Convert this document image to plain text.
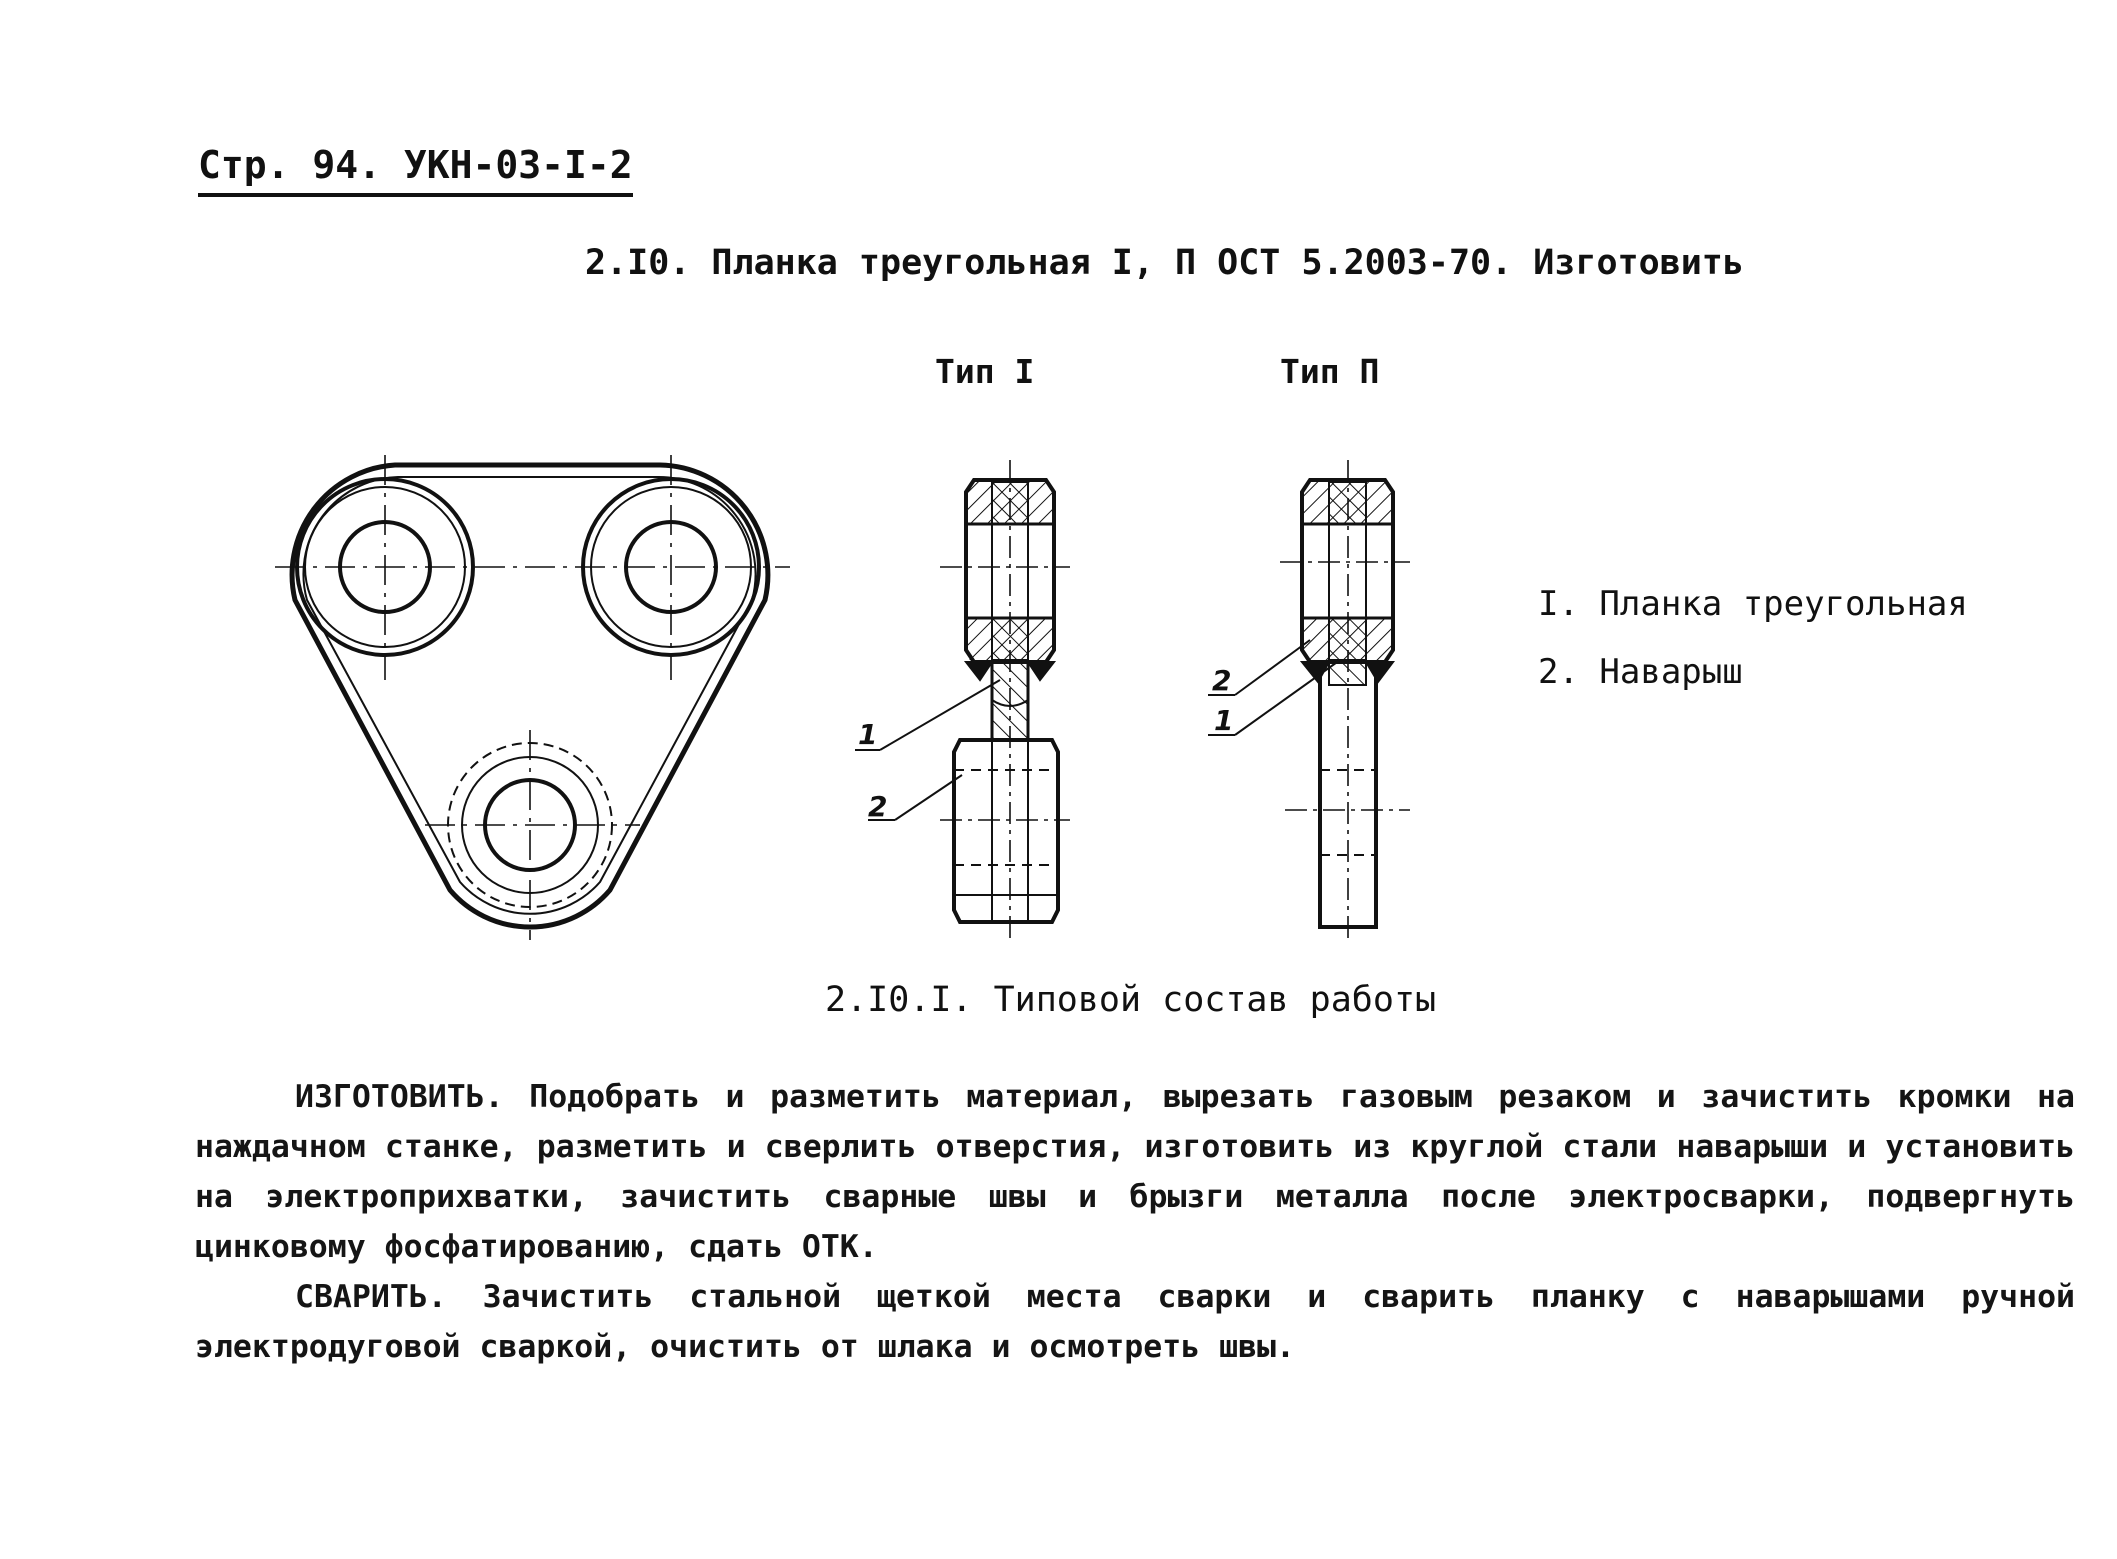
Стр. 94. УКН-03-I-2
2.I0. Планка треугольная I, П ОСТ 5.2003-70. Изготовить
Тип I	Тип П
1
2
2
1
I. Планка треугольная
2. Наварыш
2.I0.I. Типовой состав работы

ИЗГОТОВИТЬ. Подобрать и разметить материал, вырезать газовым резаком и зачистить кромки на наждачном станке, разметить и сверлить отверстия, изготовить из круглой стали наварыши и установить на электроприхватки, зачистить сварные швы и брызги металла после электросварки, подвергнуть цинковому фосфатированию, сдать ОТК.

СВАРИТЬ. Зачистить стальной щеткой места сварки и сварить планку с наварышами ручной электродуговой сваркой, очистить от шлака и осмотреть швы.
